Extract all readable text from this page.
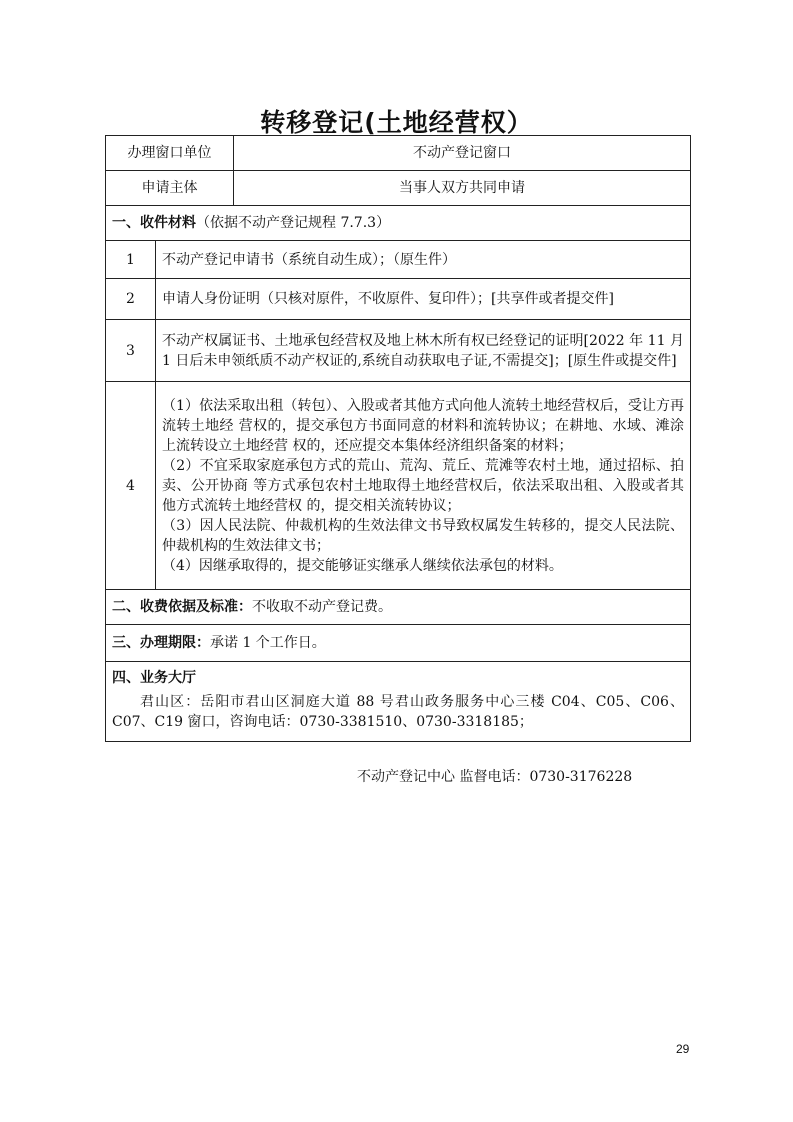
转移登记(土地经营权）
办理窗口单位		不动产登记窗口
申请主体		当事人双方共同申请
一、收件材料（依据不动产登记规程 7.7.3）		
1	不动产登记申请书（系统自动生成）；（原生件）	
2	申请人身份证明（只核对原件，不收原件、复印件）；[共享件或者提交件]	
3	不动产权属证书、土地承包经营权及地上林木所有权已经登记的证明[2022 年 11 月 1 日后未申领纸质不动产权证的,系统自动获取电子证,不需提交]；[原生件或提交件]	
4	（1）依法采取出租（转包）、入股或者其他方式向他人流转土地经营权后，受让方再流转土地经 营权的，提交承包方书面同意的材料和流转协议；在耕地、水域、滩涂上流转设立土地经营 权的，还应提交本集体经济组织备案的材料；
（2）不宜采取家庭承包方式的荒山、荒沟、荒丘、荒滩等农村土地，通过招标、拍卖、公开协商 等方式承包农村土地取得土地经营权后，依法采取出租、入股或者其他方式流转土地经营权 的，提交相关流转协议；
（3）因人民法院、仲裁机构的生效法律文书导致权属发生转移的，提交人民法院、仲裁机构的生效法律文书；
（4）因继承取得的，提交能够证实继承人继续依法承包的材料。	

二、收费依据及标准：不收取不动产登记费。		
三、办理期限：承诺 1 个工作日。		

四、业务大厅
君山区：岳阳市君山区洞庭大道 88 号君山政务服务中心三楼 C04、C05、C06、C07、C19 窗口，咨询电话：0730-3381510、0730-3318185；		
不动产登记中心 监督电话：0730-3176228
29
